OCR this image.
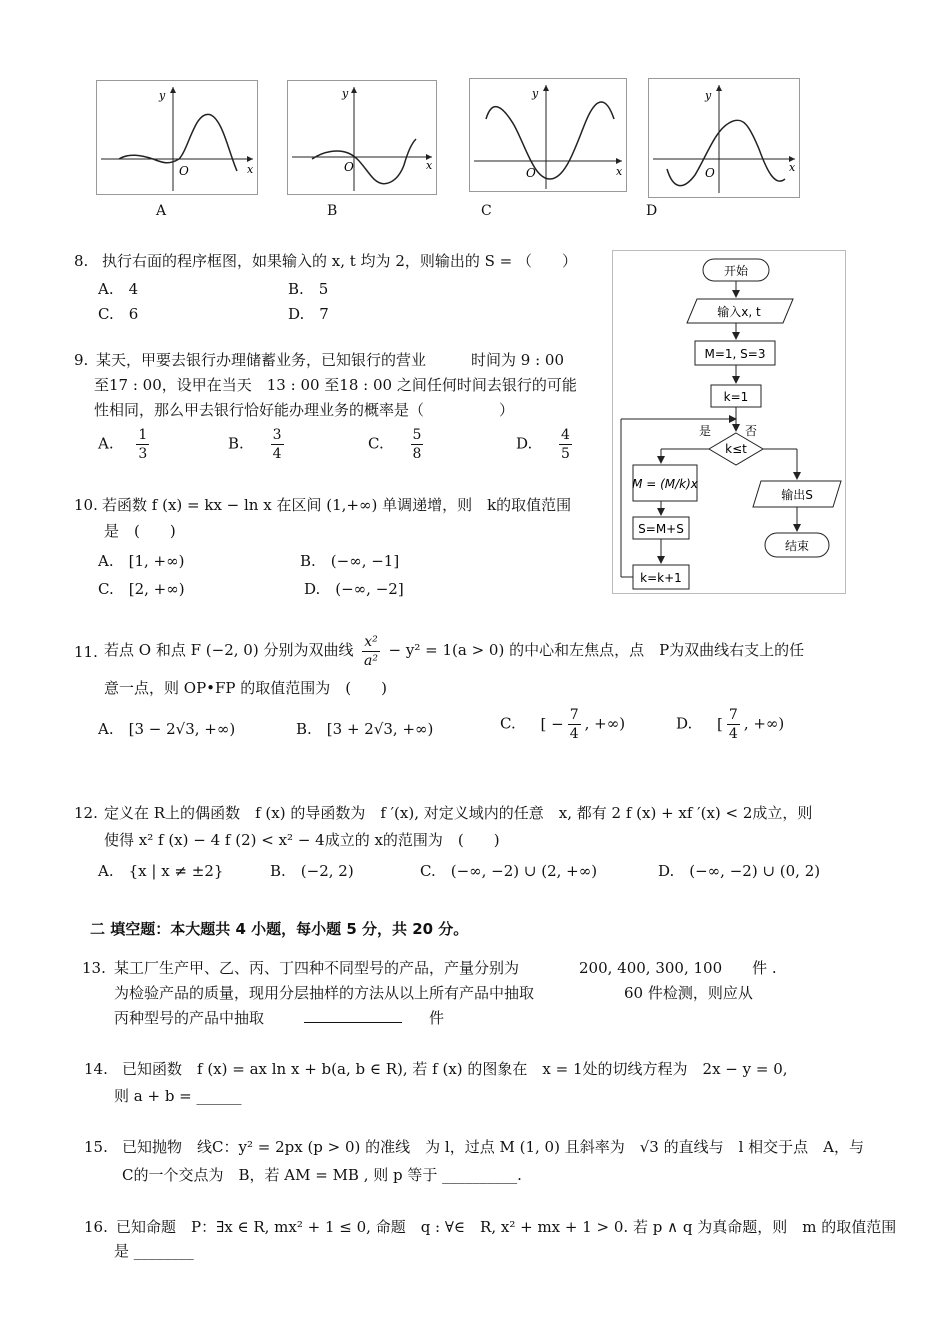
y
x
O
y
x
O
y
x
O
y
x
O
A	B	C	D
8. 执行右面的程序框图，如果输入的 x, t 均为 2，则输出的 S = （　　）
A.　4	B.　5
C.　6	D.　7
开始
输入x, t
M=1, S=3
k=1
k≤t
是	否
M = (M/k)x
S=M+S
k=k+1
输出S
结束
9. 某天，甲要去银行办理储蓄业务，已知银行的营业　　　时间为 9 : 00
至17 : 00，设甲在当天　13 : 00 至18 : 00 之间任何时间去银行的可能
性相同，那么甲去银行恰好能办理业务的概率是（　　　　　）
A. $\frac{1}{3}$	B. $\frac{3}{4}$	C. $\frac{5}{8}$	D. $\frac{4}{5}$
10. 若函数 f (x) = kx − ln x 在区间 (1,+∞) 单调递增，则　k的取值范围
是　(　　)
A.　[1, +∞)	B.　(−∞, −1]
C.　[2, +∞)	D.　(−∞, −2]
11. 若点 O 和点 F (−2, 0) 分别为双曲线 $\frac{\text{x²}}{\text{a²}} - y^2 = 1(a > 0)$ 的中心和左焦点，点　P为双曲线右支上的任
意一点，则 OP•FP 的取值范围为　(　　)
A.　[3 − 2√3, +∞)	B.　[3 + 2√3, +∞)	C. [ − $\frac{7}{4}$ , +∞)	D. [ $\frac{7}{4}$ , +∞)
12. 定义在 R上的偶函数　f (x) 的导函数为　f ′(x), 对定义域内的任意　x, 都有 2 f (x) + xf ′(x) < 2成立，则
使得 x² f (x) − 4 f (2) < x² − 4成立的 x的范围为　(　　)
A.　{x | x ≠ ±2}	B.　(−2, 2)	C.　(−∞, −2) ∪ (2, +∞)	D.　(−∞, −2) ∪ (0, 2)
二 填空题：本大题共 4 小题，每小题 5 分，共 20 分。
13. 某工厂生产甲、乙、丙、丁四种不同型号的产品，产量分别为　　　　200, 400, 300, 100　　件 .
为检验产品的质量，现用分层抽样的方法从以上所有产品中抽取　　　　　　60 件检测，则应从
丙种型号的产品中抽取　　　　　　　　　　　件
14. 已知函数　f (x) = ax ln x + b(a, b ∈ R), 若 f (x) 的图象在　x = 1处的切线方程为　2x − y = 0,
则 a + b = ______
15. 已知抛物　线C：y² = 2px (p > 0) 的准线　为 l，过点 M (1, 0) 且斜率为　√3 的直线与　l 相交于点　A，与
C的一个交点为　B，若 AM = MB , 则 p 等于 __________.
16. 已知命题　P：∃x ∈ R, mx² + 1 ≤ 0, 命题　q : ∀∈　R, x² + mx + 1 > 0. 若 p ∧ q 为真命题，则　m 的取值范围
是 ________
